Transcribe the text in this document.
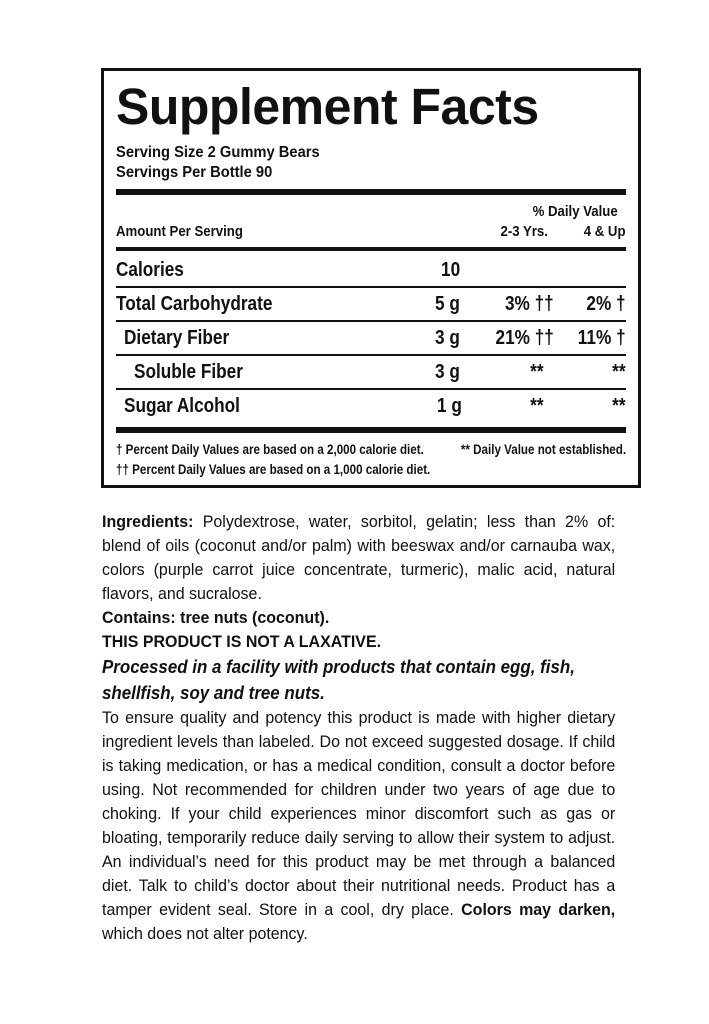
Supplement Facts
Serving Size 2 Gummy Bears
Servings Per Bottle 90
% Daily Value
Amount Per Serving	2-3 Yrs. 4 & Up
Calories	10
Total Carbohydrate	5 g 3% †† 2% †
Dietary Fiber	3 g 21% †† 11% †
Soluble Fiber	3 g	**	**
Sugar Alcohol	1 g	**	**
† Percent Daily Values are based on a 2,000 calorie diet.
†† Percent Daily Values are based on a 1,000 calorie diet.
** Daily Value not established.

Ingredients: Polydextrose, water, sorbitol, gelatin; less than 2% of: blend of oils (coconut and/or palm) with beeswax and/or carnauba wax, colors (purple carrot juice concentrate, turmeric), malic acid, natural flavors, and sucralose.

Contains: tree nuts (coconut).

THIS PRODUCT IS NOT A LAXATIVE.

Processed in a facility with products that contain egg, fish, shellfish, soy and tree nuts.

To ensure quality and potency this product is made with higher dietary ingredient levels than labeled. Do not exceed suggested dosage. If child is taking medication, or has a medical condition, consult a doctor before using. Not recommended for children under two years of age due to choking. If your child experiences minor discomfort such as gas or bloating, temporarily reduce daily serving to allow their system to adjust. An individual’s need for this product may be met through a balanced diet. Talk to child’s doctor about their nutritional needs. Product has a tamper evident seal. Store in a cool, dry place. Colors may darken, which does not alter potency.
